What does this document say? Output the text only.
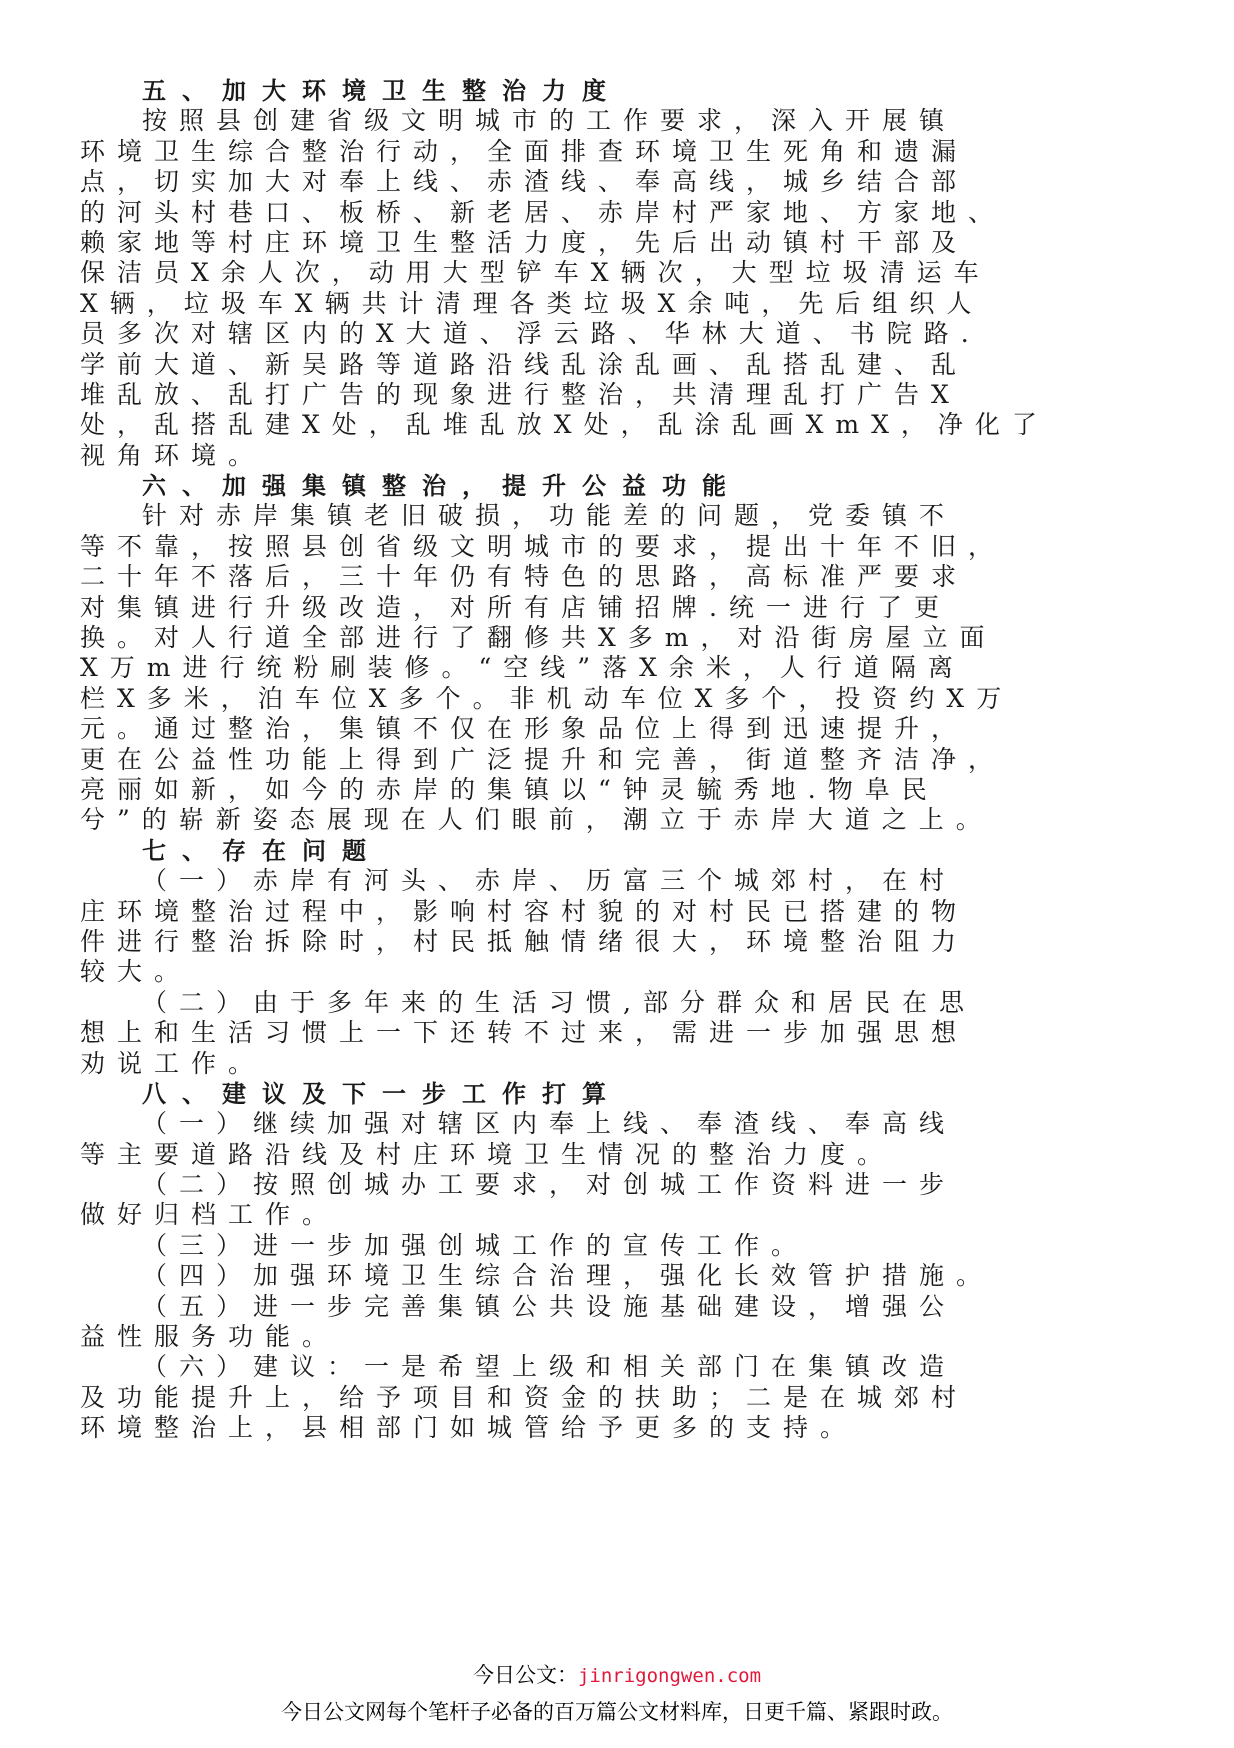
五、加大环境卫生整治力度
按照县创建省级文明城市的工作要求，深入开展镇
环境卫生综合整治行动，全面排查环境卫生死角和遗漏
点，切实加大对奉上线、赤渣线、奉高线，城乡结合部
的河头村巷口、板桥、新老居、赤岸村严家地、方家地、
赖家地等村庄环境卫生整活力度，先后出动镇村干部及
保洁员X余人次，动用大型铲车X辆次，大型垃圾清运车
X辆，垃圾车X辆共计清理各类垃圾X余吨，先后组织人
员多次对辖区内的X大道、浮云路、华林大道、书院路.
学前大道、新吴路等道路沿线乱涂乱画、乱搭乱建、乱
堆乱放、乱打广告的现象进行整治，共清理乱打广告X
处，乱搭乱建X处，乱堆乱放X处，乱涂乱画XmX，净化了
视角环境。
六、加强集镇整治，提升公益功能
针对赤岸集镇老旧破损，功能差的问题，党委镇不
等不靠，按照县创省级文明城市的要求，提出十年不旧，
二十年不落后，三十年仍有特色的思路，高标准严要求
对集镇进行升级改造，对所有店铺招牌.统一进行了更
换。对人行道全部进行了翻修共X多m，对沿街房屋立面
X万m进行统粉刷装修。“空线”落X余米，人行道隔离
栏X多米，泊车位X多个。非机动车位X多个，投资约X万
元。通过整治，集镇不仅在形象品位上得到迅速提升，
更在公益性功能上得到广泛提升和完善，街道整齐洁净，
亮丽如新，如今的赤岸的集镇以“钟灵毓秀地.物阜民
兮”的崭新姿态展现在人们眼前，潮立于赤岸大道之上。
七、存在问题
（一）赤岸有河头、赤岸、历富三个城郊村，在村
庄环境整治过程中，影响村容村貌的对村民已搭建的物
件进行整治拆除时，村民抵触情绪很大，环境整治阻力
较大。
（二）由于多年来的生活习惯,部分群众和居民在思
想上和生活习惯上一下还转不过来，需进一步加强思想
劝说工作。
八、建议及下一步工作打算
（一）继续加强对辖区内奉上线、奉渣线、奉高线
等主要道路沿线及村庄环境卫生情况的整治力度。
（二）按照创城办工要求，对创城工作资料进一步
做好归档工作。
（三）进一步加强创城工作的宣传工作。
（四）加强环境卫生综合治理，强化长效管护措施。
（五）进一步完善集镇公共设施基础建设，增强公
益性服务功能。
（六）建议：一是希望上级和相关部门在集镇改造
及功能提升上，给予项目和资金的扶助；二是在城郊村
环境整治上，县相部门如城管给予更多的支持。
今日公文：jinrigongwen.com
今日公文网每个笔杆子必备的百万篇公文材料库，日更千篇、紧跟时政。
